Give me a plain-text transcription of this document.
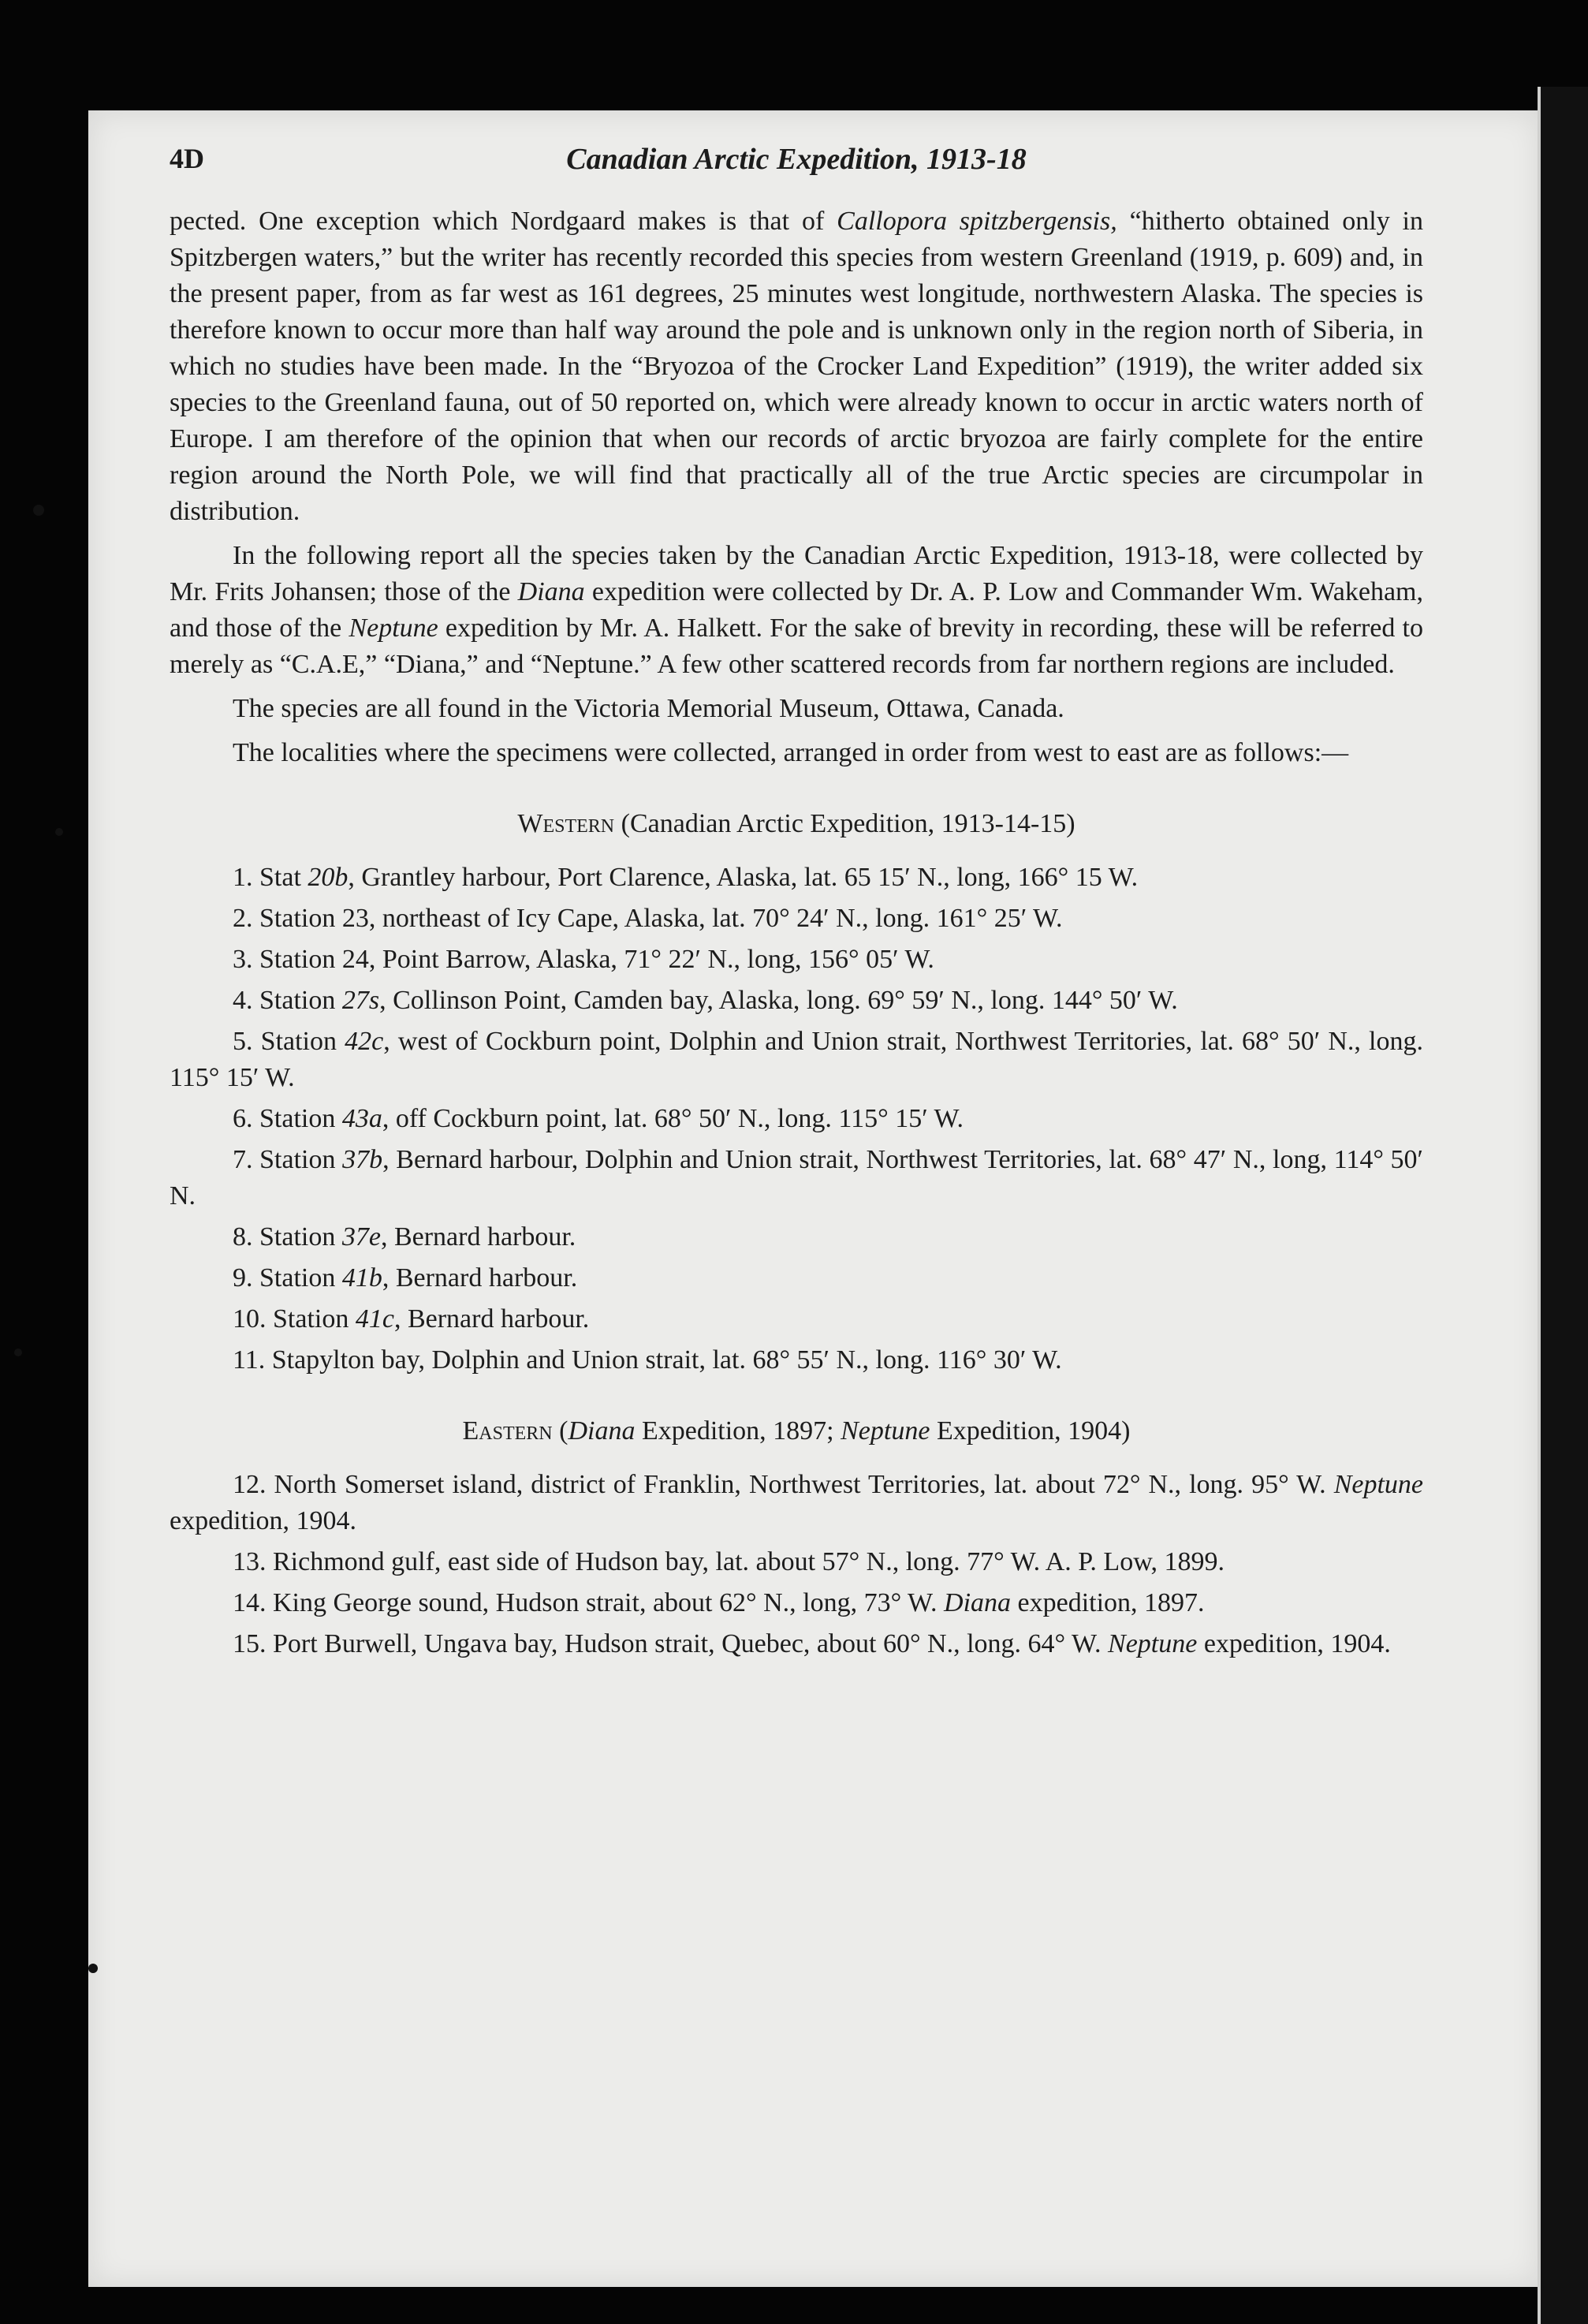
4D	Canadian Arctic Expedition, 1913-18

pected. One exception which Nordgaard makes is that of Callopora spitzbergensis, “hitherto obtained only in Spitzbergen waters,” but the writer has recently recorded this species from western Greenland (1919, p. 609) and, in the present paper, from as far west as 161 degrees, 25 minutes west longitude, northwestern Alaska. The species is therefore known to occur more than half way around the pole and is unknown only in the region north of Siberia, in which no studies have been made. In the “Bryozoa of the Crocker Land Expedition” (1919), the writer added six species to the Greenland fauna, out of 50 reported on, which were already known to occur in arctic waters north of Europe. I am therefore of the opinion that when our records of arctic bryozoa are fairly complete for the entire region around the North Pole, we will find that practically all of the true Arctic species are circumpolar in distribution.

In the following report all the species taken by the Canadian Arctic Expedition, 1913-18, were collected by Mr. Frits Johansen; those of the Diana expedition were collected by Dr. A. P. Low and Commander Wm. Wakeham, and those of the Neptune expedition by Mr. A. Halkett. For the sake of brevity in recording, these will be referred to merely as “C.A.E,” “Diana,” and “Neptune.” A few other scattered records from far northern regions are included.

The species are all found in the Victoria Memorial Museum, Ottawa, Canada.

The localities where the specimens were collected, arranged in order from west to east are as follows:—

Western (Canadian Arctic Expedition, 1913-14-15)
1. Stat 20b, Grantley harbour, Port Clarence, Alaska, lat. 65 15′ N., long, 166° 15 W.
2. Station 23, northeast of Icy Cape, Alaska, lat. 70° 24′ N., long. 161° 25′ W.
3. Station 24, Point Barrow, Alaska, 71° 22′ N., long, 156° 05′ W.
4. Station 27s, Collinson Point, Camden bay, Alaska, long. 69° 59′ N., long. 144° 50′ W.
5. Station 42c, west of Cockburn point, Dolphin and Union strait, Northwest Territories, lat. 68° 50′ N., long. 115° 15′ W.
6. Station 43a, off Cockburn point, lat. 68° 50′ N., long. 115° 15′ W.
7. Station 37b, Bernard harbour, Dolphin and Union strait, Northwest Territories, lat. 68° 47′ N., long, 114° 50′ N.
8. Station 37e, Bernard harbour.
9. Station 41b, Bernard harbour.
10. Station 41c, Bernard harbour.
11. Stapylton bay, Dolphin and Union strait, lat. 68° 55′ N., long. 116° 30′ W.
Eastern (Diana Expedition, 1897; Neptune Expedition, 1904)
12. North Somerset island, district of Franklin, Northwest Territories, lat. about 72° N., long. 95° W. Neptune expedition, 1904.
13. Richmond gulf, east side of Hudson bay, lat. about 57° N., long. 77° W. A. P. Low, 1899.
14. King George sound, Hudson strait, about 62° N., long, 73° W. Diana expedition, 1897.
15. Port Burwell, Ungava bay, Hudson strait, Quebec, about 60° N., long. 64° W. Neptune expedition, 1904.
